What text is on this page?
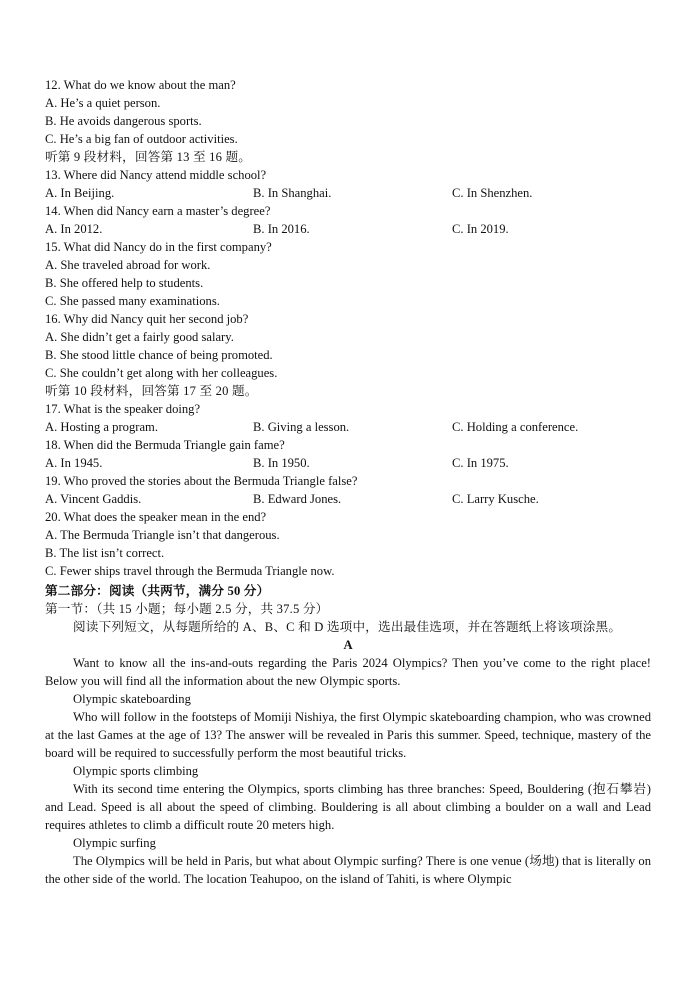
12. What do we know about the man?
A. He’s a quiet person.
B. He avoids dangerous sports.
C. He’s a big fan of outdoor activities.
听第 9 段材料，回答第 13 至 16 题。
13. Where did Nancy attend middle school?
A. In Beijing.	B. In Shanghai.	C. In Shenzhen.
14. When did Nancy earn a master’s degree?
A. In 2012.	B. In 2016.	C. In 2019.
15. What did Nancy do in the first company?
A. She traveled abroad for work.
B. She offered help to students.
C. She passed many examinations.
16. Why did Nancy quit her second job?
A. She didn’t get a fairly good salary.
B. She stood little chance of being promoted.
C. She couldn’t get along with her colleagues.
听第 10 段材料，回答第 17 至 20 题。
17. What is the speaker doing?
A. Hosting a program.	B. Giving a lesson.	C. Holding a conference.
18. When did the Bermuda Triangle gain fame?
A. In 1945.	B. In 1950.	C. In 1975.
19. Who proved the stories about the Bermuda Triangle false?
A. Vincent Gaddis.	B. Edward Jones.	C. Larry Kusche.
20. What does the speaker mean in the end?
A. The Bermuda Triangle isn’t that dangerous.
B. The list isn’t correct.
C. Fewer ships travel through the Bermuda Triangle now.
第二部分：阅读（共两节，满分 50 分）
第一节：（共 15 小题；每小题 2.5 分，共 37.5 分）
阅读下列短文，从每题所给的 A、B、C 和 D 选项中，选出最佳选项，并在答题纸上将该项涂黑。
A

Want to know all the ins-and-outs regarding the Paris 2024 Olympics? Then you’ve come to the right place! Below you will find all the information about the new Olympic sports.

Olympic skateboarding

Who will follow in the footsteps of Momiji Nishiya, the first Olympic skateboarding champion, who was crowned at the last Games at the age of 13? The answer will be revealed in Paris this summer. Speed, technique, mastery of the board will be required to successfully perform the most beautiful tricks.

Olympic sports climbing

With its second time entering the Olympics, sports climbing has three branches: Speed, Bouldering (抱石攀岩) and Lead. Speed is all about the speed of climbing. Bouldering is all about climbing a boulder on a wall and Lead requires athletes to climb a difficult route 20 meters high.

Olympic surfing

The Olympics will be held in Paris, but what about Olympic surfing? There is one venue (场地) that is literally on the other side of the world. The location Teahupoo, on the island of Tahiti, is where Olympic
